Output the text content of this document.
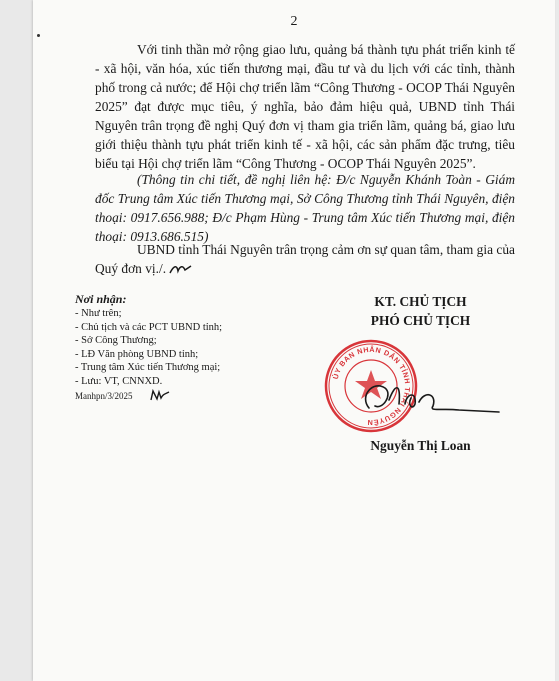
2
Với tinh thần mở rộng giao lưu, quảng bá thành tựu phát triển kinh tế - xã hội, văn hóa, xúc tiến thương mại, đầu tư và du lịch với các tỉnh, thành phố trong cả nước; để Hội chợ triển lãm “Công Thương - OCOP Thái Nguyên 2025” đạt được mục tiêu, ý nghĩa, bảo đảm hiệu quả, UBND tỉnh Thái Nguyên trân trọng đề nghị Quý đơn vị tham gia triển lãm, quảng bá, giao lưu giới thiệu thành tựu phát triển kinh tế - xã hội, các sản phẩm đặc trưng, tiêu biểu tại Hội chợ triển lãm “Công Thương - OCOP Thái Nguyên 2025”.
(Thông tin chi tiết, đề nghị liên hệ: Đ/c Nguyễn Khánh Toàn - Giám đốc Trung tâm Xúc tiến Thương mại, Sở Công Thương tỉnh Thái Nguyên, điện thoại: 0917.656.988; Đ/c Phạm Hùng - Trung tâm Xúc tiến Thương mại, điện thoại: 0913.686.515)
UBND tỉnh Thái Nguyên trân trọng cảm ơn sự quan tâm, tham gia của Quý đơn vị./.
Nơi nhận:
- Như trên;
- Chủ tịch và các PCT UBND tỉnh;
- Sở Công Thương;
- LĐ Văn phòng UBND tỉnh;
- Trung tâm Xúc tiến Thương mại;
- Lưu: VT, CNNXD.
Manhpn/3/2025
KT. CHỦ TỊCH
PHÓ CHỦ TỊCH
ỦY BAN NHÂN DÂN TỈNH THÁI NGUYÊN
Nguyễn Thị Loan
